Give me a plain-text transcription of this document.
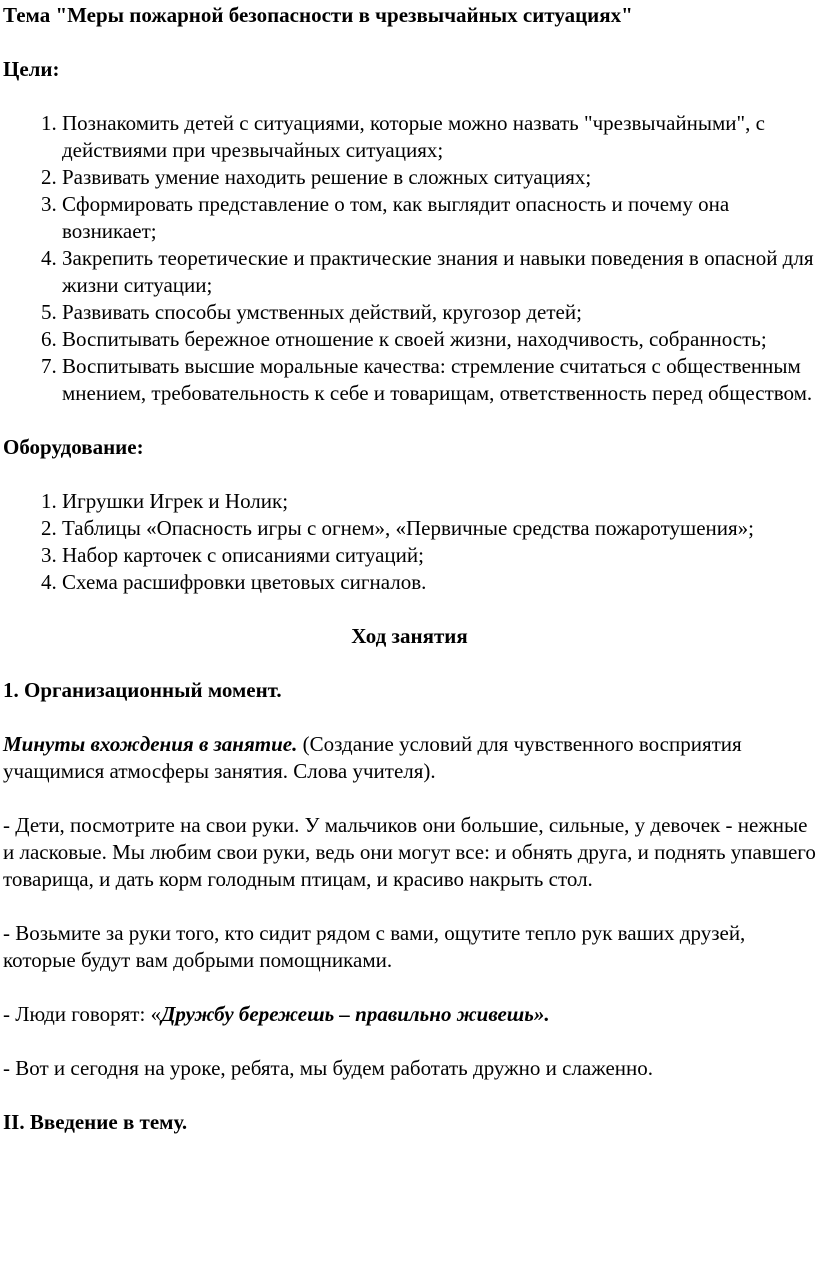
Тема "Меры пожарной безопасности в чрезвычайных ситуациях"

Цели:

1. Познакомить детей с ситуациями, которые можно назвать "чрезвычайными", с действиями при чрезвычайных ситуациях;
2. Развивать умение находить решение в сложных ситуациях;
3. Сформировать представление о том, как выглядит опасность и почему она возникает;
4. Закрепить теоретические и практические знания и навыки поведения в опасной для жизни ситуации;
5. Развивать способы умственных действий, кругозор детей;
6. Воспитывать бережное отношение к своей жизни, находчивость, собранность;
7. Воспитывать высшие моральные качества: стремление считаться с общественным мнением, требовательность к себе и товарищам, ответственность перед обществом.

Оборудование:

1. Игрушки Игрек и Нолик;
2. Таблицы «Опасность игры с огнем», «Первичные средства пожаротушения»;
3. Набор карточек с описаниями ситуаций;
4. Схема расшифровки цветовых сигналов.

Ход занятия

1. Организационный момент.

Минуты вхождения в занятие. (Создание условий для чувственного восприятия учащимися атмосферы занятия. Слова учителя).

- Дети, посмотрите на свои руки. У мальчиков они большие, сильные, у девочек - нежные и ласковые. Мы любим свои руки, ведь они могут все: и обнять друга, и поднять упавшего товарища, и дать корм голодным птицам, и красиво накрыть стол.

- Возьмите за руки того, кто сидит рядом с вами, ощутите тепло рук ваших друзей, которые будут вам добрыми помощниками.

- Люди говорят: «Дружбу бережешь – правильно живешь».

- Вот и сегодня на уроке, ребята, мы будем работать дружно и слаженно.

II. Введение в тему.
